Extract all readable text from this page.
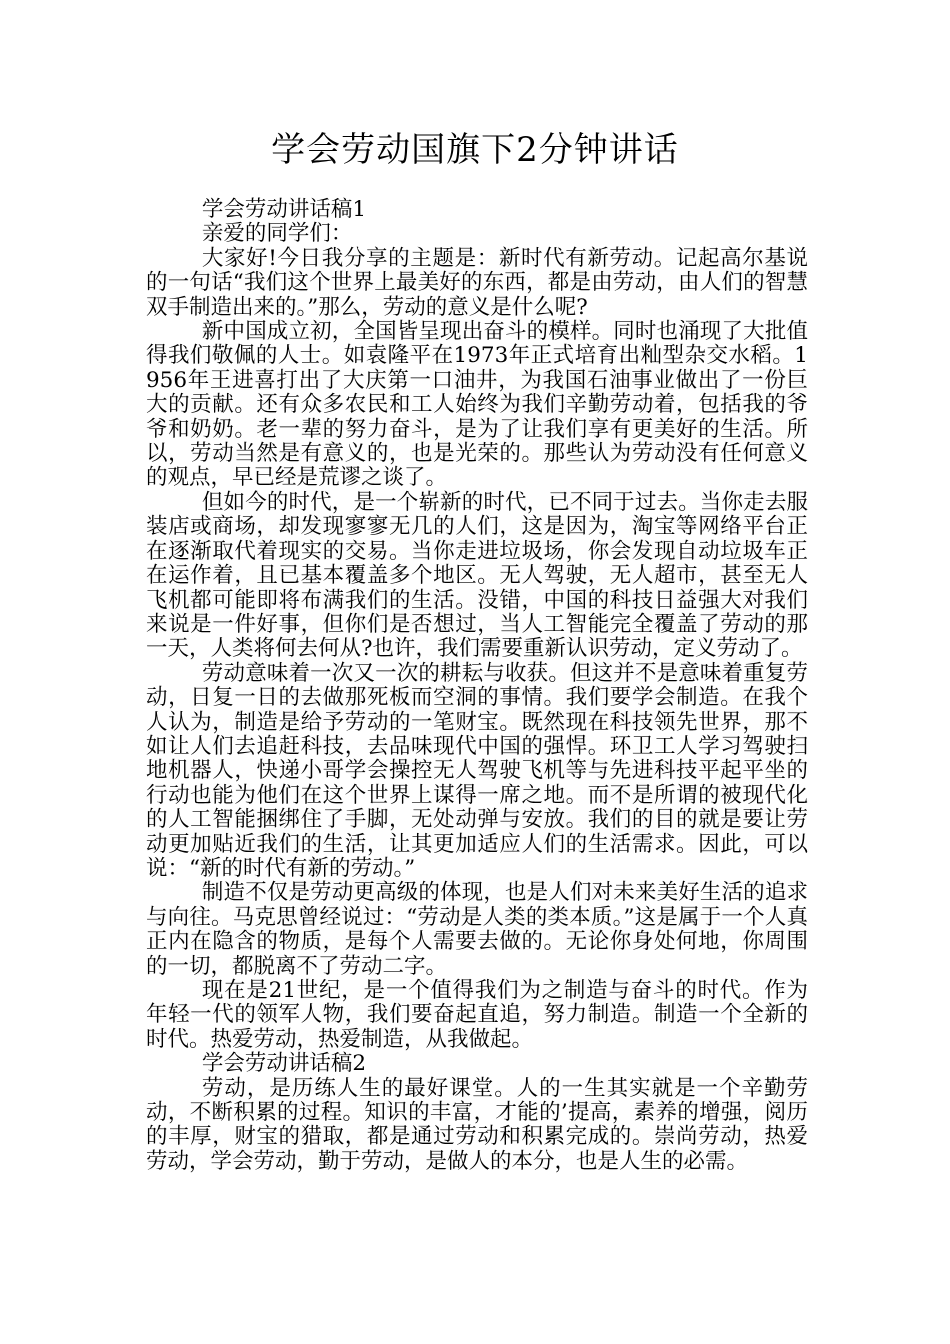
学会劳动国旗下2分钟讲话

学会劳动讲话稿1

亲爱的同学们：

大家好!今日我分享的主题是：新时代有新劳动。记起高尔基说的一句话“我们这个世界上最美好的东西，都是由劳动，由人们的智慧双手制造出来的。”那么，劳动的意义是什么呢?

新中国成立初，全国皆呈现出奋斗的模样。同时也涌现了大批值得我们敬佩的人士。如袁隆平在1973年正式培育出籼型杂交水稻。1956年王进喜打出了大庆第一口油井，为我国石油事业做出了一份巨大的贡献。还有众多农民和工人始终为我们辛勤劳动着，包括我的爷爷和奶奶。老一辈的努力奋斗，是为了让我们享有更美好的生活。所以，劳动当然是有意义的，也是光荣的。那些认为劳动没有任何意义的观点，早已经是荒谬之谈了。

但如今的时代，是一个崭新的时代，已不同于过去。当你走去服装店或商场，却发现寥寥无几的人们，这是因为，淘宝等网络平台正在逐渐取代着现实的交易。当你走进垃圾场，你会发现自动垃圾车正在运作着，且已基本覆盖多个地区。无人驾驶，无人超市，甚至无人飞机都可能即将布满我们的生活。没错，中国的科技日益强大对我们来说是一件好事，但你们是否想过，当人工智能完全覆盖了劳动的那一天，人类将何去何从?也许，我们需要重新认识劳动，定义劳动了。

劳动意味着一次又一次的耕耘与收获。但这并不是意味着重复劳动，日复一日的去做那死板而空洞的事情。我们要学会制造。在我个人认为，制造是给予劳动的一笔财宝。既然现在科技领先世界，那不如让人们去追赶科技，去品味现代中国的强悍。环卫工人学习驾驶扫地机器人，快递小哥学会操控无人驾驶飞机等与先进科技平起平坐的行动也能为他们在这个世界上谋得一席之地。而不是所谓的被现代化的人工智能捆绑住了手脚，无处动弹与安放。我们的目的就是要让劳动更加贴近我们的生活，让其更加适应人们的生活需求。因此，可以说：“新的时代有新的劳动。”

制造不仅是劳动更高级的体现，也是人们对未来美好生活的追求与向往。马克思曾经说过：“劳动是人类的类本质。”这是属于一个人真正内在隐含的物质，是每个人需要去做的。无论你身处何地，你周围的一切，都脱离不了劳动二字。

现在是21世纪，是一个值得我们为之制造与奋斗的时代。作为年轻一代的领军人物，我们要奋起直追，努力制造。制造一个全新的时代。热爱劳动，热爱制造，从我做起。

学会劳动讲话稿2

劳动，是历练人生的最好课堂。人的一生其实就是一个辛勤劳动，不断积累的过程。知识的丰富，才能的’提高，素养的增强，阅历的丰厚，财宝的猎取，都是通过劳动和积累完成的。崇尚劳动，热爱劳动，学会劳动，勤于劳动，是做人的本分，也是人生的必需。
